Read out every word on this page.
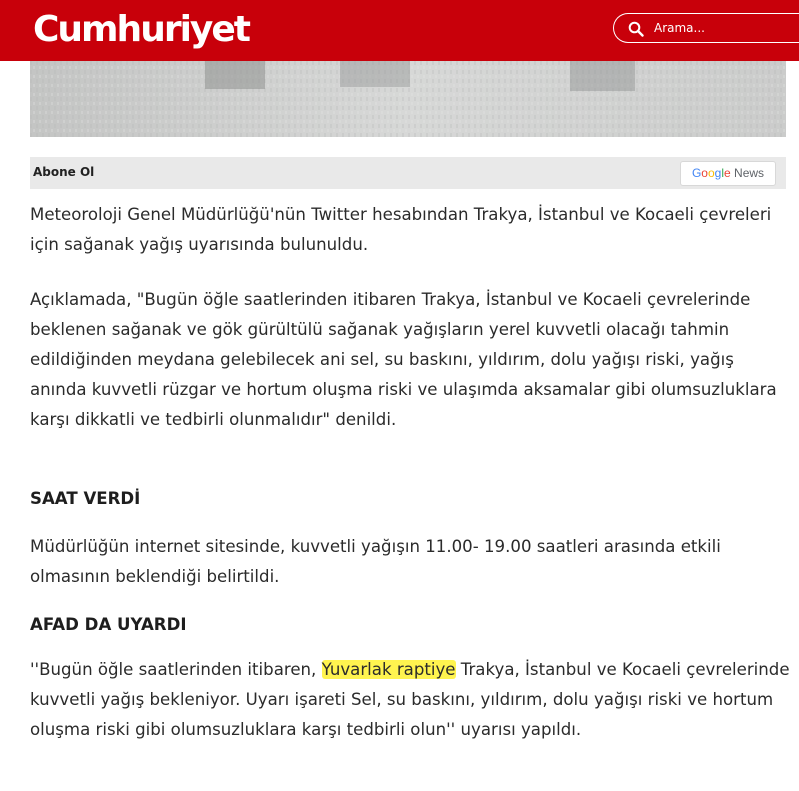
Cumhuriyet
Arama...
Abone Ol	Google News

Meteoroloji Genel Müdürlüğü'nün Twitter hesabından Trakya, İstanbul ve Kocaeli çevreleri için sağanak yağış uyarısında bulunuldu.

Açıklamada, "Bugün öğle saatlerinden itibaren Trakya, İstanbul ve Kocaeli çevrelerinde beklenen sağanak ve gök gürültülü sağanak yağışların yerel kuvvetli olacağı tahmin edildiğinden meydana gelebilecek ani sel, su baskını, yıldırım, dolu yağışı riski, yağış anında kuvvetli rüzgar ve hortum oluşma riski ve ulaşımda aksamalar gibi olumsuzluklara karşı dikkatli ve tedbirli olunmalıdır" denildi.

SAAT VERDİ

Müdürlüğün internet sitesinde, kuvvetli yağışın 11.00- 19.00 saatleri arasında etkili olmasının beklendiği belirtildi.

AFAD DA UYARDI

''Bugün öğle saatlerinden itibaren, Yuvarlak raptiye Trakya, İstanbul ve Kocaeli çevrelerinde kuvvetli yağış bekleniyor. Uyarı işareti Sel, su baskını, yıldırım, dolu yağışı riski ve hortum oluşma riski gibi olumsuzluklara karşı tedbirli olun'' uyarısı yapıldı.
